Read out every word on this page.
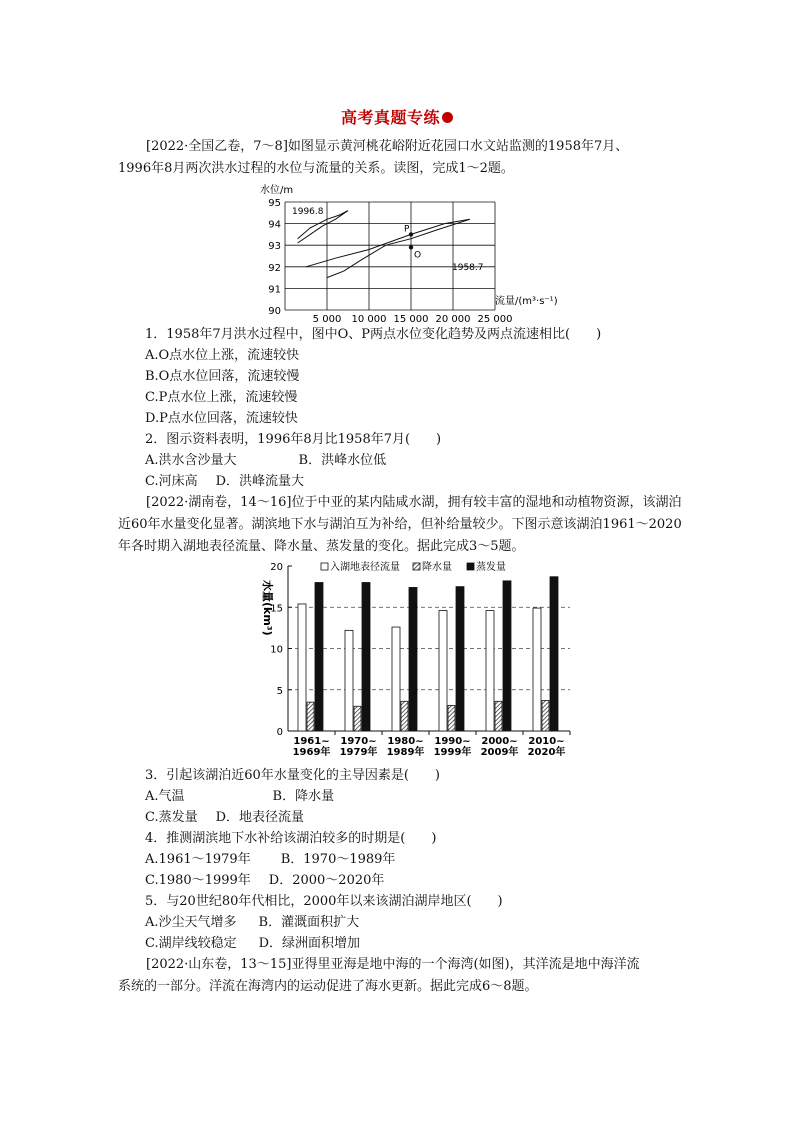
高考真题专练
[2022·全国乙卷，7～8]如图显示黄河桃花峪附近花园口水文站监测的1958年7月、
1996年8月两次洪水过程的水位与流量的关系。读图，完成1～2题。
水位/m
95
94
93
92
91
90
5 000 10 000 15 000 20 000 25 000
P
O
1996.8
1958.7
流量/(m³·s⁻¹)
1．1958年7月洪水过程中，图中O、P两点水位变化趋势及两点流速相比(　　)
A.O点水位上涨，流速较快
B.O点水位回落，流速较慢
C.P点水位上涨，流速较慢
D.P点水位回落，流速较快
2．图示资料表明，1996年8月比1958年7月(　　)
A.洪水含沙量大	B．洪峰水位低
C.河床高 D．洪峰流量大
[2022·湖南卷，14～16]位于中亚的某内陆咸水湖，拥有较丰富的湿地和动植物资源，该湖泊近60年水量变化显著。湖滨地下水与湖泊互为补给，但补给量较少。下图示意该湖泊1961～2020年各时期入湖地表径流量、降水量、蒸发量的变化。据此完成3～5题。
水量(km³)
20
15
10
5
0
1961~
1969年
1970~
1979年
1980~
1989年
1990~
1999年
2000~
2009年
2010~
2020年
入湖地表径流量 降水量 蒸发量
3．引起该湖泊近60年水量变化的主导因素是(　　)
A.气温	B．降水量
C.蒸发量 D．地表径流量
4．推测湖滨地下水补给该湖泊较多的时期是(　　)
A.1961～1979年 B．1970～1989年
C.1980～1999年 D．2000～2020年
5．与20世纪80年代相比，2000年以来该湖泊湖岸地区(　　)
A.沙尘天气增多 B．灌溉面积扩大
C.湖岸线较稳定 D．绿洲面积增加
[2022·山东卷，13～15]亚得里亚海是地中海的一个海湾(如图)，其洋流是地中海洋流
系统的一部分。洋流在海湾内的运动促进了海水更新。据此完成6～8题。
